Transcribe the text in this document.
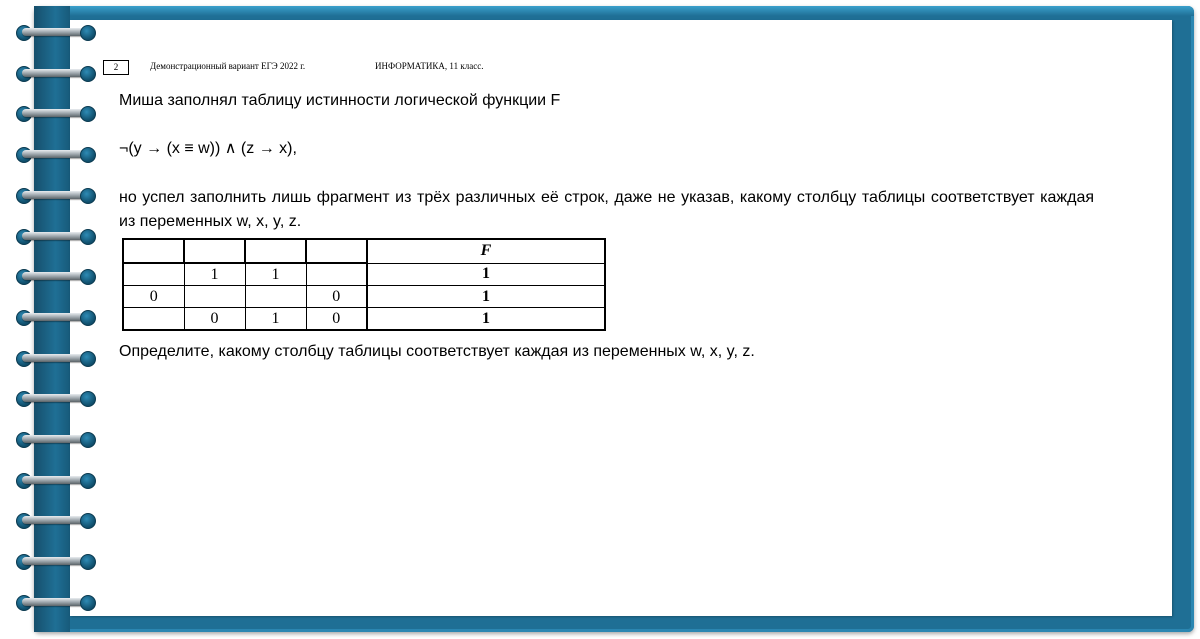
2	Демонстрационный вариант ЕГЭ 2022 г.	ИНФОРМАТИКА, 11 класс.
Миша заполнял таблицу истинности логической функции F
¬(y → (x ≡ w)) ∧ (z → x),
но успел заполнить лишь фрагмент из трёх различных её строк, даже не указав, какому столбцу таблицы соответствует каждая из переменных w, x, y, z.
				F
	1	1		1
0			0	1
	0	1	0	1
Определите, какому столбцу таблицы соответствует каждая из переменных w, x, y, z.
